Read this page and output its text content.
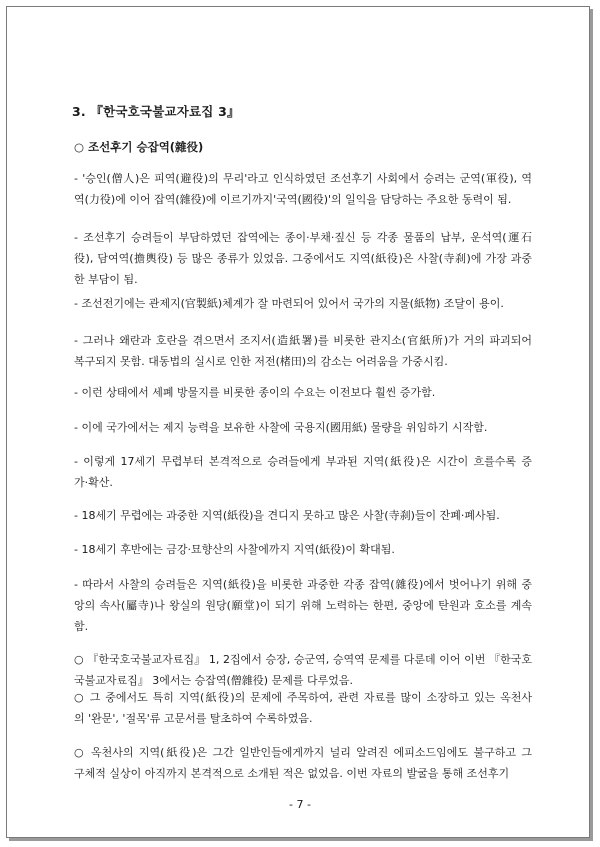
3. 『한국호국불교자료집 3』
○ 조선후기 승잡역(雜役)
- '승인(僧人)은 피역(避役)의 무리'라고 인식하였던 조선후기 사회에서 승려는 군역(軍役), 역
역(力役)에 이어 잡역(雜役)에 이르기까지'국역(國役)'의 일익을 담당하는 주요한 동력이 됨.
- 조선후기 승려들이 부담하였던 잡역에는 종이·부채·짚신 등 각종 물품의 납부, 운석역(運石
役), 담여역(擔輿役) 등 많은 종류가 있었음. 그중에서도 지역(紙役)은 사찰(寺刹)에 가장 과중
한 부담이 됨.
- 조선전기에는 관제지(官製紙)체계가 잘 마련되어 있어서 국가의 지물(紙物) 조달이 용이.
- 그러나 왜란과 호란을 겪으면서 조지서(造紙署)를 비롯한 관지소(官紙所)가 거의 파괴되어
복구되지 못함. 대동법의 실시로 인한 저전(楮田)의 감소는 어려움을 가중시킴.
- 이런 상태에서 세폐 방물지를 비롯한 종이의 수요는 이전보다 훨씬 증가함.
- 이에 국가에서는 제지 능력을 보유한 사찰에 국용지(國用紙) 물량을 위임하기 시작함.
- 이렇게 17세기 무렵부터 본격적으로 승려들에게 부과된 지역(紙役)은 시간이 흐를수록 증
가·확산.
- 18세기 무렵에는 과중한 지역(紙役)을 견디지 못하고 많은 사찰(寺刹)들이 잔폐·폐사됨.
- 18세기 후반에는 금강·묘향산의 사찰에까지 지역(紙役)이 확대됨.
- 따라서 사찰의 승려들은 지역(紙役)을 비롯한 과중한 각종 잡역(雜役)에서 벗어나기 위해 중
앙의 속사(屬寺)나 왕실의 원당(願堂)이 되기 위해 노력하는 한편, 중앙에 탄원과 호소를 계속
함.
○ 『한국호국불교자료집』 1, 2집에서 승장, 승군역, 승역역 문제를 다룬데 이어 이번 『한국호
국불교자료집』 3에서는 승잡역(僧雜役) 문제를 다루었음.
○ 그 중에서도 특히 지역(紙役)의 문제에 주목하여, 관련 자료를 많이 소장하고 있는 옥천사
의 '완문', '절목'류 고문서를 탈초하여 수록하였음.
○ 옥천사의 지역(紙役)은 그간 일반인들에게까지 널리 알려진 에피소드임에도 불구하고 그
구체적 실상이 아직까지 본격적으로 소개된 적은 없었음. 이번 자료의 발굴을 통해 조선후기
- 7 -
